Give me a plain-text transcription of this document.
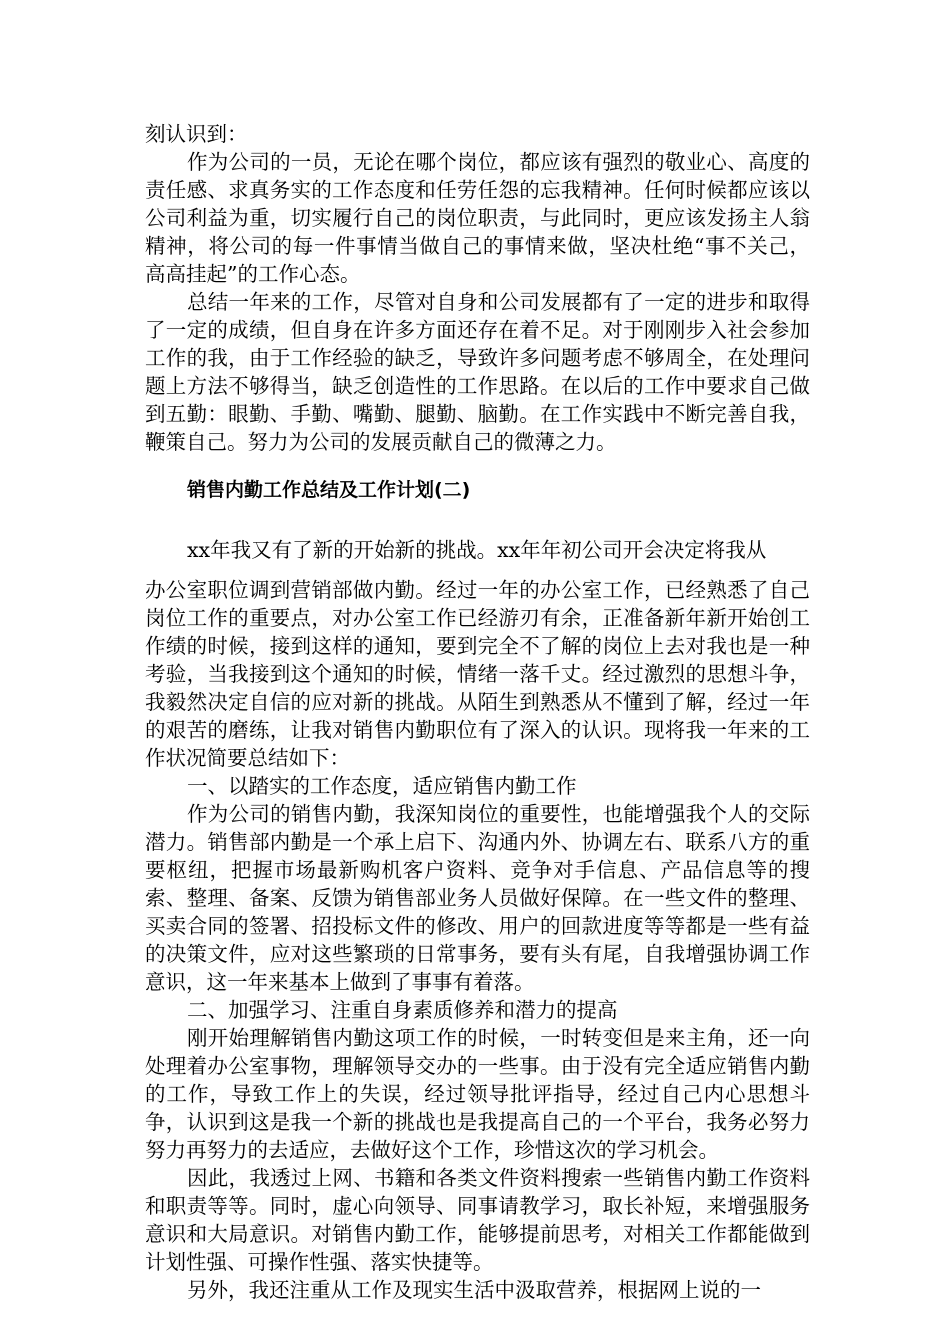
刻认识到：

作为公司的一员，无论在哪个岗位，都应该有强烈的敬业心、高度的责任感、求真务实的工作态度和任劳任怨的忘我精神。任何时候都应该以公司利益为重，切实履行自己的岗位职责，与此同时，更应该发扬主人翁精神，将公司的每一件事情当做自己的事情来做，坚决杜绝“事不关己，高高挂起”的工作心态。

总结一年来的工作，尽管对自身和公司发展都有了一定的进步和取得了一定的成绩，但自身在许多方面还存在着不足。对于刚刚步入社会参加工作的我，由于工作经验的缺乏，导致许多问题考虑不够周全，在处理问题上方法不够得当，缺乏创造性的工作思路。在以后的工作中要求自己做到五勤：眼勤、手勤、嘴勤、腿勤、脑勤。在工作实践中不断完善自我，鞭策自己。努力为公司的发展贡献自己的微薄之力。

销售内勤工作总结及工作计划(二)

xx年我又有了新的开始新的挑战。xx年年初公司开会决定将我从

办公室职位调到营销部做内勤。经过一年的办公室工作，已经熟悉了自己岗位工作的重要点，对办公室工作已经游刃有余，正准备新年新开始创工作绩的时候，接到这样的通知，要到完全不了解的岗位上去对我也是一种考验，当我接到这个通知的时候，情绪一落千丈。经过激烈的思想斗争，我毅然决定自信的应对新的挑战。从陌生到熟悉从不懂到了解，经过一年的艰苦的磨练，让我对销售内勤职位有了深入的认识。现将我一年来的工作状况简要总结如下：

一、以踏实的工作态度，适应销售内勤工作

作为公司的销售内勤，我深知岗位的重要性，也能增强我个人的交际潜力。销售部内勤是一个承上启下、沟通内外、协调左右、联系八方的重要枢纽，把握市场最新购机客户资料、竞争对手信息、产品信息等的搜索、整理、备案、反馈为销售部业务人员做好保障。在一些文件的整理、买卖合同的签署、招投标文件的修改、用户的回款进度等等都是一些有益的决策文件，应对这些繁琐的日常事务，要有头有尾，自我增强协调工作意识，这一年来基本上做到了事事有着落。

二、加强学习、注重自身素质修养和潜力的提高

刚开始理解销售内勤这项工作的时候，一时转变但是来主角，还一向处理着办公室事物，理解领导交办的一些事。由于没有完全适应销售内勤的工作，导致工作上的失误，经过领导批评指导，经过自己内心思想斗争，认识到这是我一个新的挑战也是我提高自己的一个平台，我务必努力努力再努力的去适应，去做好这个工作，珍惜这次的学习机会。

因此，我透过上网、书籍和各类文件资料搜索一些销售内勤工作资料和职责等等。同时，虚心向领导、同事请教学习，取长补短，来增强服务意识和大局意识。对销售内勤工作，能够提前思考，对相关工作都能做到计划性强、可操作性强、落实快捷等。

另外，我还注重从工作及现实生活中汲取营养，根据网上说的一
